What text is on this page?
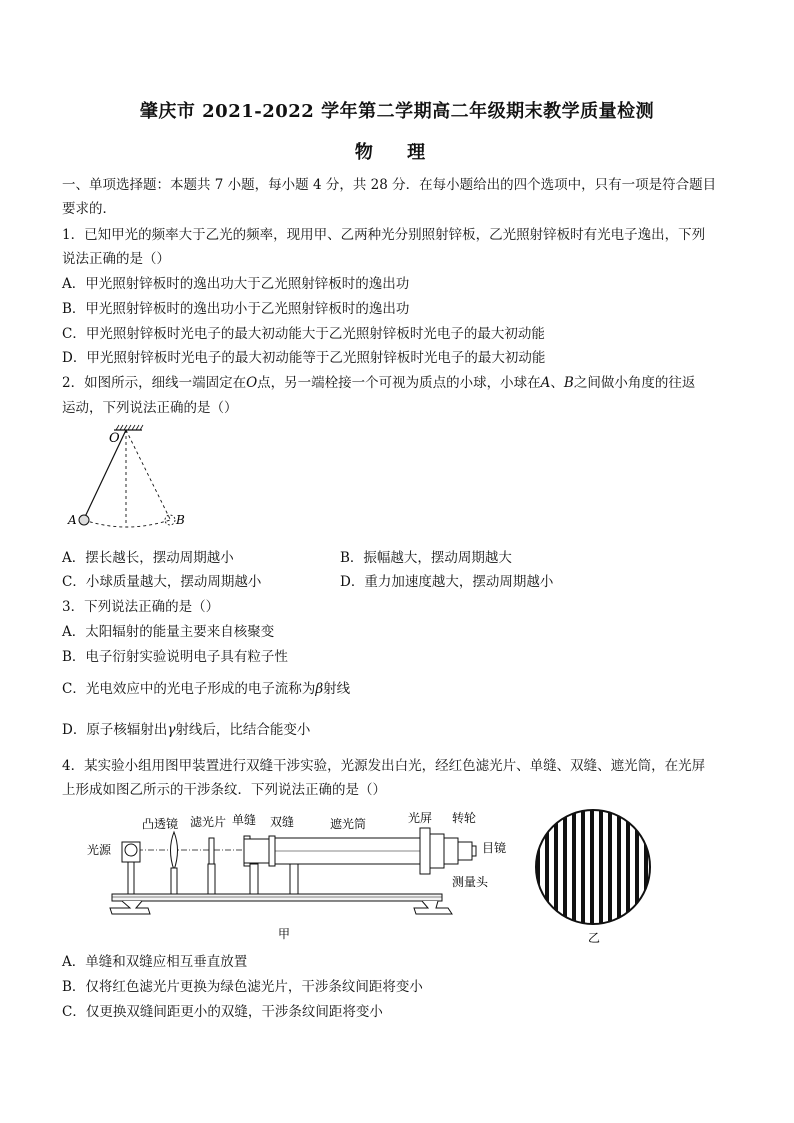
肇庆市 2021-2022 学年第二学期高二年级期末教学质量检测
物 理
一、单项选择题：本题共 7 小题，每小题 4 分，共 28 分．在每小题给出的四个选项中，只有一项是符合题目
要求的．
1．已知甲光的频率大于乙光的频率，现用甲、乙两种光分别照射锌板，乙光照射锌板时有光电子逸出，下列
说法正确的是（）
A．甲光照射锌板时的逸出功大于乙光照射锌板时的逸出功
B．甲光照射锌板时的逸出功小于乙光照射锌板时的逸出功
C．甲光照射锌板时光电子的最大初动能大于乙光照射锌板时光电子的最大初动能
D．甲光照射锌板时光电子的最大初动能等于乙光照射锌板时光电子的最大初动能
2．如图所示，细线一端固定在O点，另一端栓接一个可视为质点的小球，小球在A、B之间做小角度的往返
运动，下列说法正确的是（）
O
A	B
A．摆长越长，摆动周期越小	B．振幅越大，摆动周期越大
C．小球质量越大，摆动周期越小	D．重力加速度越大，摆动周期越小
3．下列说法正确的是（）
A．太阳辐射的能量主要来自核聚变
B．电子衍射实验说明电子具有粒子性
C．光电效应中的光电子形成的电子流称为β射线
D．原子核辐射出γ射线后，比结合能变小
4．某实验小组用图甲装置进行双缝干涉实验，光源发出白光，经红色滤光片、单缝、双缝、遮光筒，在光屏
上形成如图乙所示的干涉条纹．下列说法正确的是（）
光源
凸透镜 滤光片 单缝 双缝	遮光筒	光屏 转轮
目镜
测量头
甲	乙
A．单缝和双缝应相互垂直放置
B．仅将红色滤光片更换为绿色滤光片，干涉条纹间距将变小
C．仅更换双缝间距更小的双缝，干涉条纹间距将变小
